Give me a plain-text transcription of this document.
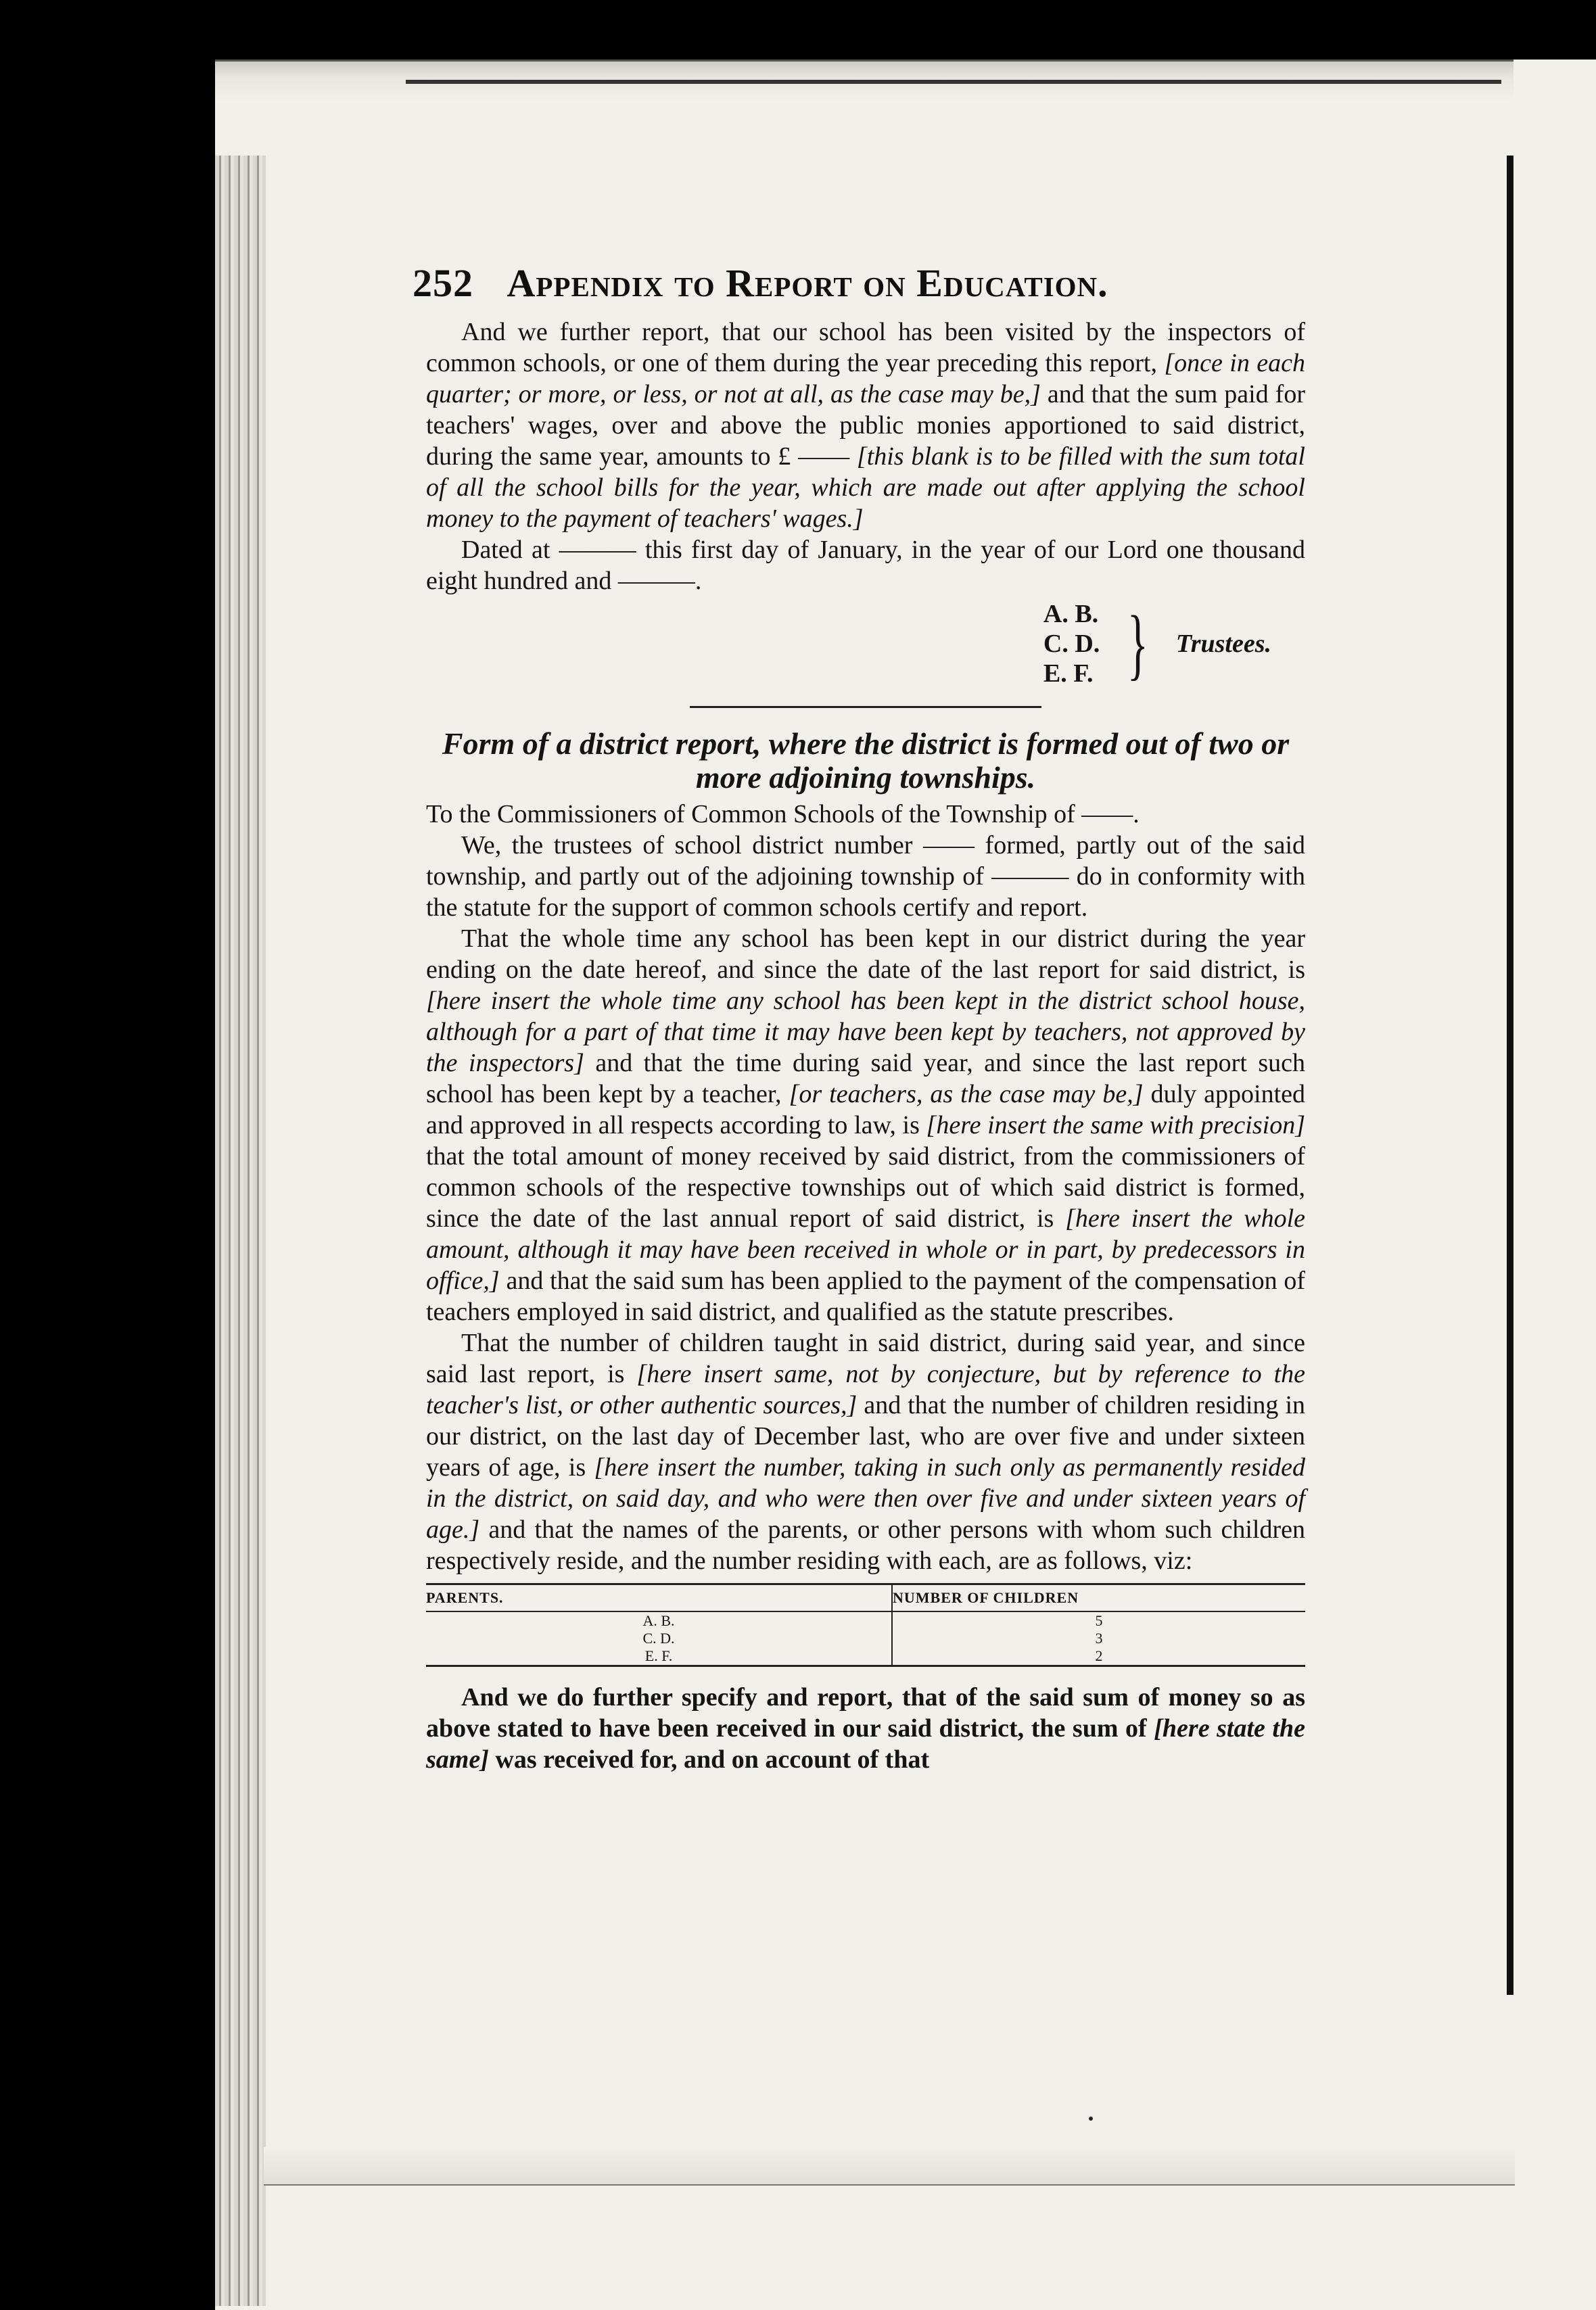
252 Appendix to Report on Education.

And we further report, that our school has been visited by the inspectors of common schools, or one of them during the year preceding this report, [once in each quarter; or more, or less, or not at all, as the case may be,] and that the sum paid for teachers' wages, over and above the public monies apportioned to said district, during the same year, amounts to £ —— [this blank is to be filled with the sum total of all the school bills for the year, which are made out after applying the school money to the payment of teachers' wages.]

Dated at ——— this first day of January, in the year of our Lord one thousand eight hundred and ———.

A. B.
C. D.
E. F. } Trustees.

Form of a district report, where the district is formed out of two or more adjoining townships.

To the Commissioners of Common Schools of the Township of ——.

We, the trustees of school district number —— formed, partly out of the said township, and partly out of the adjoining township of ——— do in conformity with the statute for the support of common schools certify and report.

That the whole time any school has been kept in our district during the year ending on the date hereof, and since the date of the last report for said district, is [here insert the whole time any school has been kept in the district school house, although for a part of that time it may have been kept by teachers, not approved by the inspectors] and that the time during said year, and since the last report such school has been kept by a teacher, [or teachers, as the case may be,] duly appointed and approved in all respects according to law, is [here insert the same with precision] that the total amount of money received by said district, from the commissioners of common schools of the respective townships out of which said district is formed, since the date of the last annual report of said district, is [here insert the whole amount, although it may have been received in whole or in part, by predecessors in office,] and that the said sum has been applied to the payment of the compensation of teachers employed in said district, and qualified as the statute prescribes.

That the number of children taught in said district, during said year, and since said last report, is [here insert same, not by conjecture, but by reference to the teacher's list, or other authentic sources,] and that the number of children residing in our district, on the last day of December last, who are over five and under sixteen years of age, is [here insert the number, taking in such only as permanently resided in the district, on said day, and who were then over five and under sixteen years of age.] and that the names of the parents, or other persons with whom such children respectively reside, and the number residing with each, are as follows, viz:

PARENTS.	NUMBER OF CHILDREN
A. B.	5
C. D.	3
E. F.	2

And we do further specify and report, that of the said sum of money so as above stated to have been received in our said district, the sum of [here state the same] was received for, and on account of that
